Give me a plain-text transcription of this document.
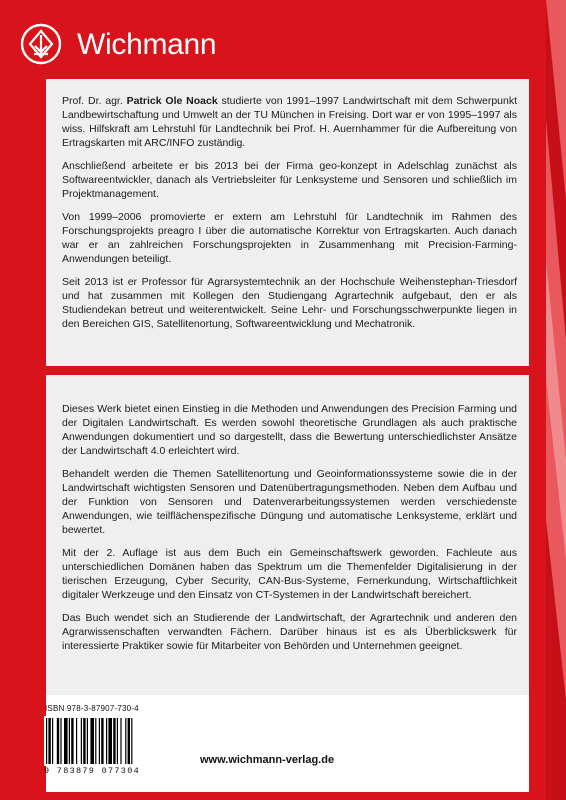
Wichmann

Prof. Dr. agr. Patrick Ole Noack studierte von 1991–1997 Landwirtschaft mit dem Schwerpunkt Landbewirtschaftung und Umwelt an der TU München in Freising. Dort war er von 1995–1997 als wiss. Hilfskraft am Lehrstuhl für Landtechnik bei Prof. H. Auernhammer für die Aufbereitung von Ertragskarten mit ARC/INFO zuständig.

Anschließend arbeitete er bis 2013 bei der Firma geo-konzept in Adelschlag zunächst als Softwareentwickler, danach als Vertriebsleiter für Lenksysteme und Sensoren und schließlich im Projektmanagement.

Von 1999–2006 promovierte er extern am Lehrstuhl für Landtechnik im Rahmen des Forschungsprojekts preagro I über die automatische Korrektur von Ertragskarten. Auch danach war er an zahlreichen Forschungsprojekten in Zusammenhang mit Precision-Farming-Anwendungen beteiligt.

Seit 2013 ist er Professor für Agrarsystemtechnik an der Hochschule Weihenstephan-Triesdorf und hat zusammen mit Kollegen den Studiengang Agrartechnik aufgebaut, den er als Studiendekan betreut und weiterentwickelt. Seine Lehr- und Forschungsschwerpunkte liegen in den Bereichen GIS, Satellitenortung, Softwareentwicklung und Mechatronik.

Dieses Werk bietet einen Einstieg in die Methoden und Anwendungen des Precision Farming und der Digitalen Landwirtschaft. Es werden sowohl theoretische Grundlagen als auch praktische Anwendungen dokumentiert und so dargestellt, dass die Bewertung unterschiedlichster Ansätze der Landwirtschaft 4.0 erleichtert wird.

Behandelt werden die Themen Satellitenortung und Geoinformationssysteme sowie die in der Landwirtschaft wichtigsten Sensoren und Datenübertragungsmethoden. Neben dem Aufbau und der Funktion von Sensoren und Datenverarbeitungssystemen werden verschiedenste Anwendungen, wie teilflächenspezifische Düngung und automatische Lenksysteme, erklärt und bewertet.

Mit der 2. Auflage ist aus dem Buch ein Gemeinschaftswerk geworden. Fachleute aus unterschiedlichen Domänen haben das Spektrum um die Themenfelder Digitalisierung in der tierischen Erzeugung, Cyber Security, CAN-Bus-Systeme, Fernerkundung, Wirtschaftlichkeit digitaler Werkzeuge und den Einsatz von CT-Systemen in der Landwirtschaft bereichert.

Das Buch wendet sich an Studierende der Landwirtschaft, der Agrartechnik und anderen den Agrarwissenschaften verwandten Fächern. Darüber hinaus ist es als Überblickswerk für interessierte Praktiker sowie für Mitarbeiter von Behörden und Unternehmen geeignet.

ISBN 978-3-87907-730-4
9 783879 077304
www.wichmann-verlag.de
